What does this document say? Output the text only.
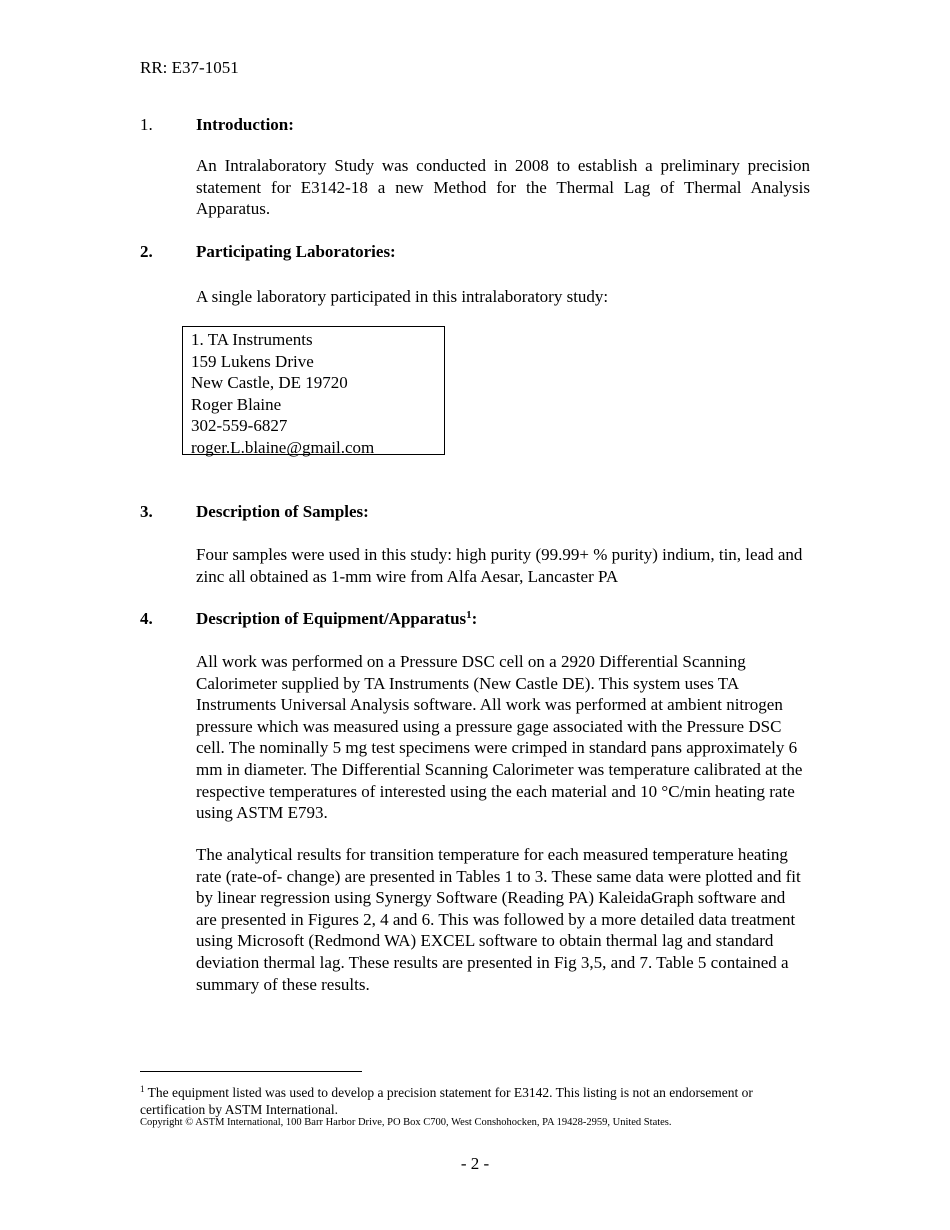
RR: E37-1051
1.	Introduction:
An Intralaboratory Study was conducted in 2008 to establish a preliminary precision statement for E3142-18 a new Method for the Thermal Lag of Thermal Analysis Apparatus.
2.	Participating Laboratories:
A single laboratory participated in this intralaboratory study:
1. TA Instruments
159 Lukens Drive
New Castle, DE 19720
Roger Blaine
302-559-6827
roger.L.blaine@gmail.com
3.	Description of Samples:
Four samples were used in this study: high purity (99.99+ % purity) indium, tin, lead and zinc all obtained as 1-mm wire from Alfa Aesar, Lancaster PA
4.	Description of Equipment/Apparatus$^1$:
All work was performed on a Pressure DSC cell on a 2920 Differential Scanning Calorimeter supplied by TA Instruments (New Castle DE). This system uses TA Instruments Universal Analysis software. All work was performed at ambient nitrogen pressure which was measured using a pressure gage associated with the Pressure DSC cell. The nominally 5 mg test specimens were crimped in standard pans approximately 6 mm in diameter. The Differential Scanning Calorimeter was temperature calibrated at the respective temperatures of interested using the each material and 10 °C/min heating rate using ASTM E793.
The analytical results for transition temperature for each measured temperature heating rate (rate-of- change) are presented in Tables 1 to 3. These same data were plotted and fit by linear regression using Synergy Software (Reading PA) KaleidaGraph software and are presented in Figures 2, 4 and 6. This was followed by a more detailed data treatment using Microsoft (Redmond WA) EXCEL software to obtain thermal lag and standard deviation thermal lag. These results are presented in Fig 3,5, and 7. Table 5 contained a summary of these results.
$^1$ The equipment listed was used to develop a precision statement for E3142. This listing is not an endorsement or certification by ASTM International.
Copyright © ASTM International, 100 Barr Harbor Drive, PO Box C700, West Conshohocken, PA 19428-2959, United States.
- 2 -
